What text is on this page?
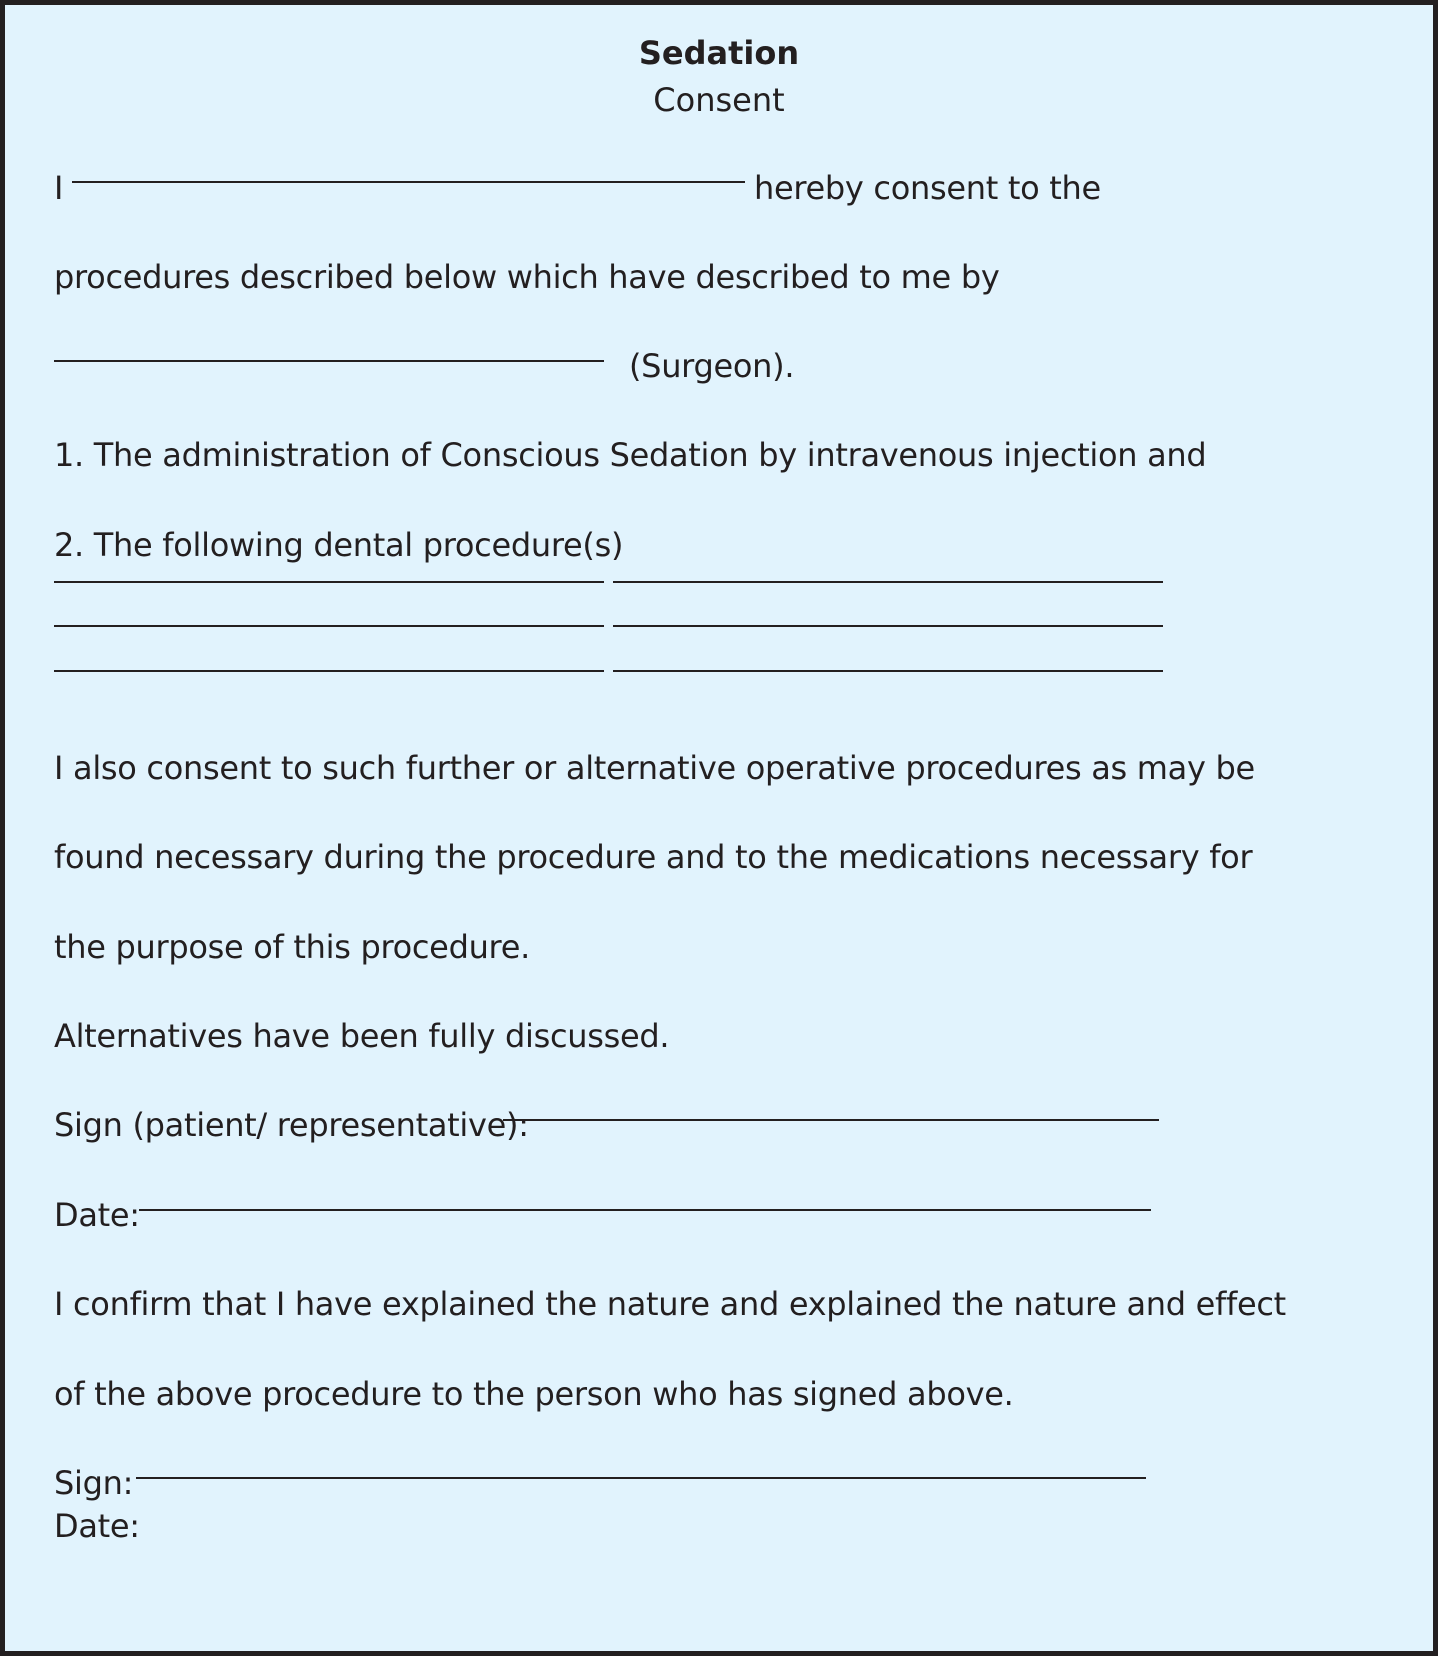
Sedation
Consent
I	hereby consent to the
procedures described below which have described to me by
(Surgeon).
1. The administration of Conscious Sedation by intravenous injection and
2. The following dental procedure(s)
I also consent to such further or alternative operative procedures as may be
found necessary during the procedure and to the medications necessary for
the purpose of this procedure.
Alternatives have been fully discussed.
Sign (patient/ representative):
Date:
I confirm that I have explained the nature and explained the nature and effect
of the above procedure to the person who has signed above.
Sign:
Date:
